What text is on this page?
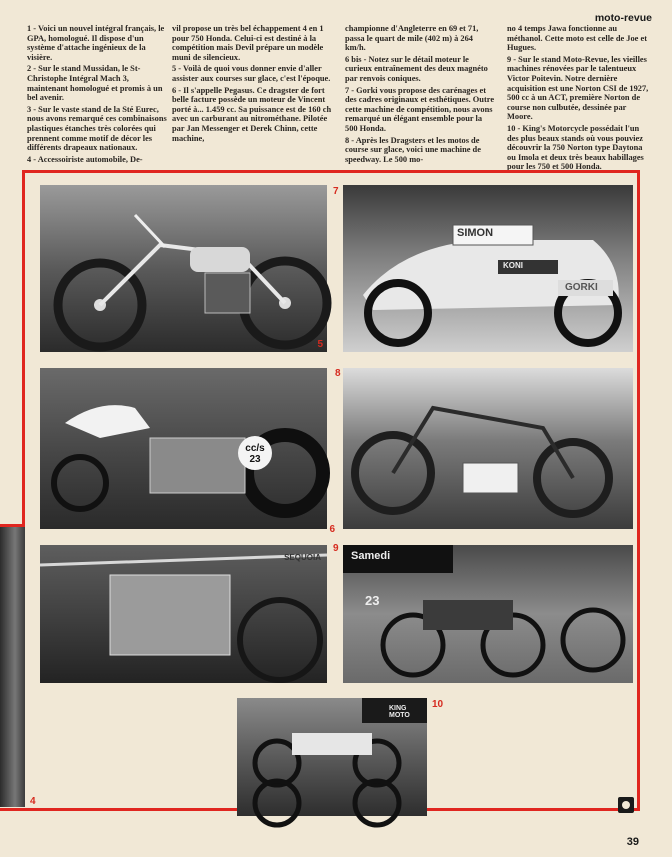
moto-revue

1 - Voici un nouvel intégral français, le GPA, homologué. Il dispose d'un système d'attache ingénieux de la visière.

2 - Sur le stand Mussidan, le St-Christophe Intégral Mach 3, maintenant homologué et promis à un bel avenir.

3 - Sur le vaste stand de la Sté Eurec, nous avons remarqué ces combinaisons plastiques étanches très colorées qui prennent comme motif de décor les différents drapeaux nationaux.

4 - Accessoiriste automobile, De-

vil propose un très bel échappement 4 en 1 pour 750 Honda. Celui-ci est destiné à la compétition mais Devil prépare un modèle muni de silencieux.

5 - Voilà de quoi vous donner envie d'aller assister aux courses sur glace, c'est l'époque.

6 - Il s'appelle Pegasus. Ce dragster de fort belle facture possède un moteur de Vincent porté à... 1.459 cc. Sa puissance est de 160 ch avec un carburant au nitrométhane. Pilotée par Jan Messenger et Derek Chinn, cette machine,

championne d'Angleterre en 69 et 71, passa le quart de mile (402 m) à 264 km/h.

6 bis - Notez sur le détail moteur le curieux entraînement des deux magnéto par renvois coniques.

7 - Gorki vous propose des carénages et des cadres originaux et esthétiques. Outre cette machine de compétition, nous avons remarqué un élégant ensemble pour la 500 Honda.

8 - Après les Dragsters et les motos de course sur glace, voici une machine de speedway. Le 500 mo-

no 4 temps Jawa fonctionne au méthanol. Cette moto est celle de Joe et Hugues.

9 - Sur le stand Moto-Revue, les vieilles machines rénovées par le talentueux Victor Poitevin. Notre dernière acquisition est une Norton CSI de 1927, 500 cc à un ACT, première Norton de course non culbutée, dessinée par Moore.

10 - King's Motorcycle possédait l'un des plus beaux stands où vous pouviez découvrir la 750 Norton type Daytona ou Imola et deux très beaux habillages pour les 750 et 500 Honda.

5
SIMON
KONI
GORKI
7
cc/s 23
6
8
SEQUOIA	Samedi
23
9
KING MOTO
10
4
39
